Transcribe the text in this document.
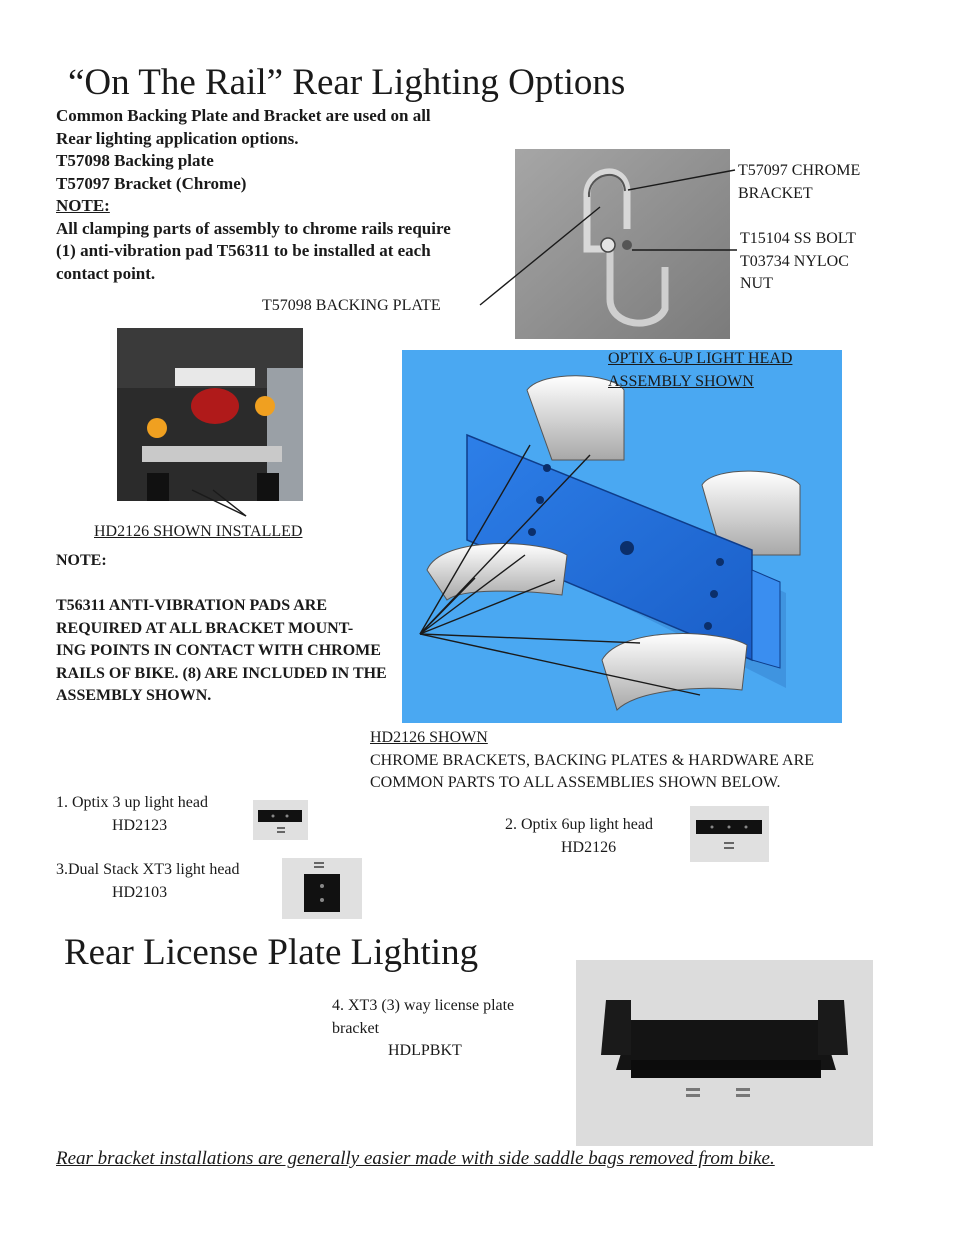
“On The Rail” Rear Lighting Options
Common Backing Plate and Bracket are used on all
Rear lighting application options.
T57098 Backing plate
T57097 Bracket (Chrome)
NOTE:
All clamping parts of assembly to chrome rails require
(1) anti-vibration pad T56311 to be installed at each
contact point.
T57097 CHROME
BRACKET
T15104 SS BOLT
T03734 NYLOC
NUT
T57098 BACKING PLATE
OPTIX 6-UP LIGHT HEAD
ASSEMBLY SHOWN
HD2126 SHOWN INSTALLED
NOTE:
T56311 ANTI-VIBRATION PADS ARE
REQUIRED AT ALL BRACKET MOUNT-
ING POINTS IN CONTACT WITH CHROME
RAILS OF BIKE. (8) ARE INCLUDED IN THE
ASSEMBLY SHOWN.
HD2126 SHOWN
CHROME BRACKETS, BACKING PLATES & HARDWARE ARE
COMMON PARTS TO ALL ASSEMBLIES SHOWN BELOW.
1. Optix 3 up light head
HD2123	2. Optix 6up light head
HD2126
3.Dual Stack XT3 light head
HD2103
Rear License Plate Lighting
4. XT3 (3) way license plate
bracket
HDLPBKT
Rear bracket installations are generally easier made with side saddle bags removed from bike.
